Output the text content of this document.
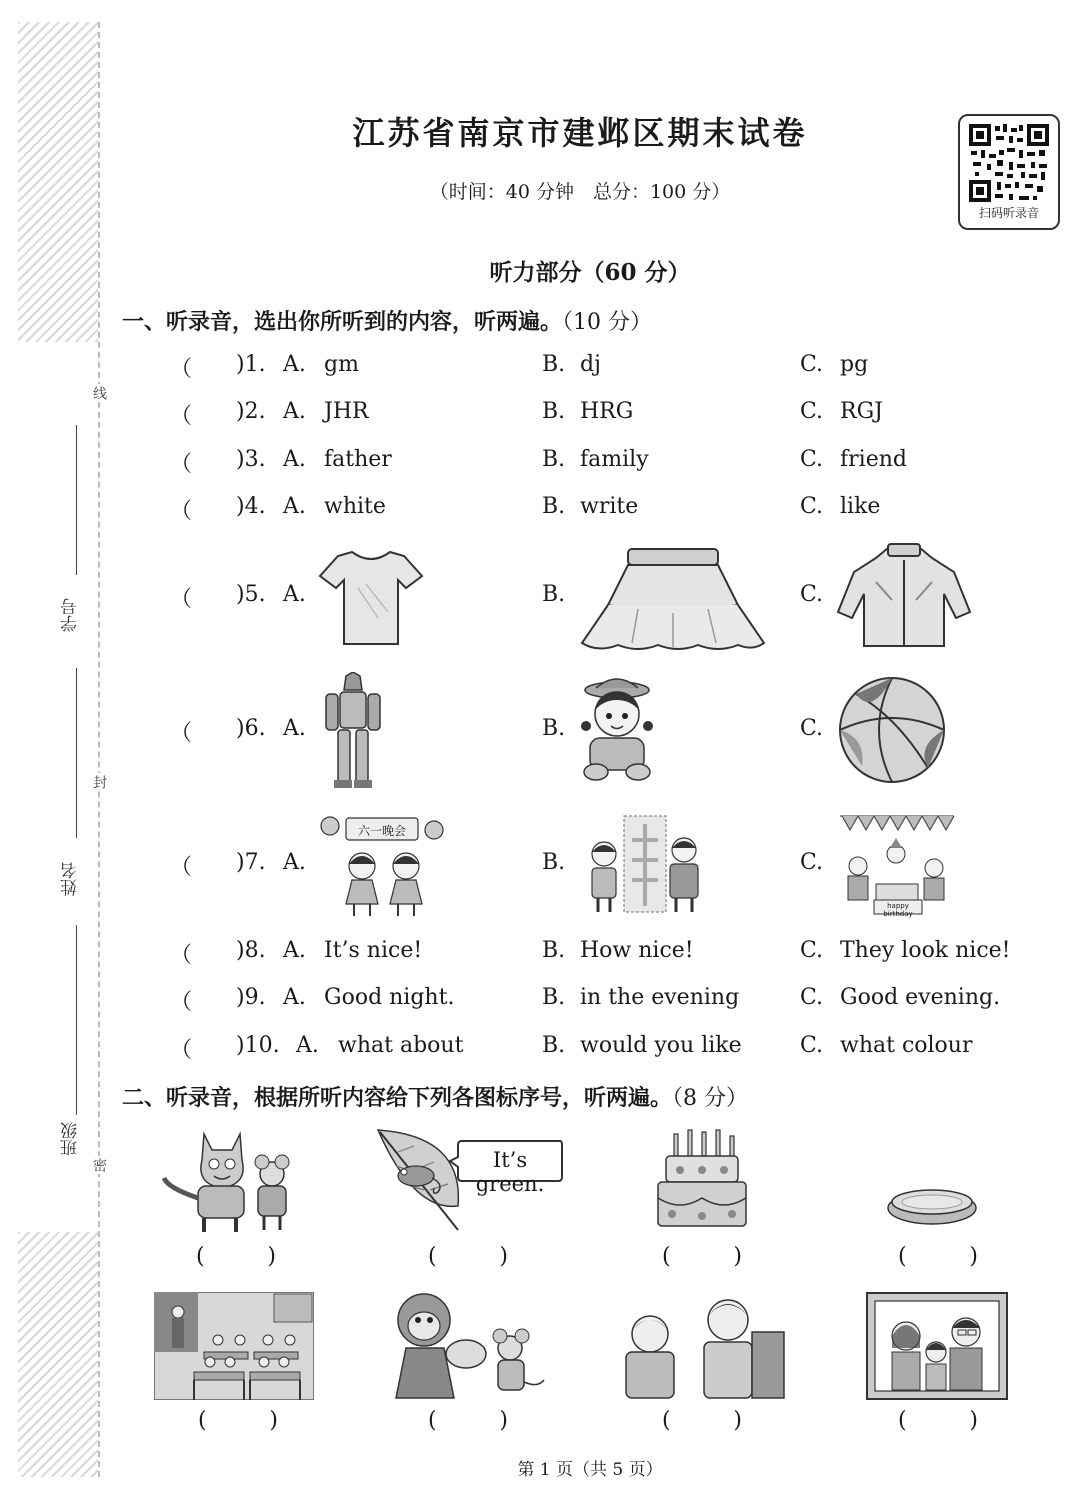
学号
姓名
班级
线
封
密
江苏省南京市建邺区期末试卷
（时间：40 分钟　总分：100 分）
扫码听录音
听力部分（60 分）
一、听录音，选出你所听到的内容，听两遍。（10 分）
（ )1. A. gm	B. dj	C. pg
（ )2. A. JHR	B. HRG	C. RGJ
（ )3. A. father	B. family	C. friend
（ )4. A. white	B. write	C. like
（ )5. A.	B.	C.
（ )6. A.	B.	C.
（ )7. A.	B.	C.
六一晚会
happy birthday
（ )8. A. It’s nice!	B. How nice!	C. They look nice!
（ )9. A. Good night.	B. in the evening	C. Good evening.
（ )10. A. what about	B. would you like	C. what colour
二、听录音，根据所听内容给下列各图标序号，听两遍。（8 分）
(	)
It’s green.
(	)	(	)	(	)
(	)	(	)	(	)	(	)
第 1 页（共 5 页）
